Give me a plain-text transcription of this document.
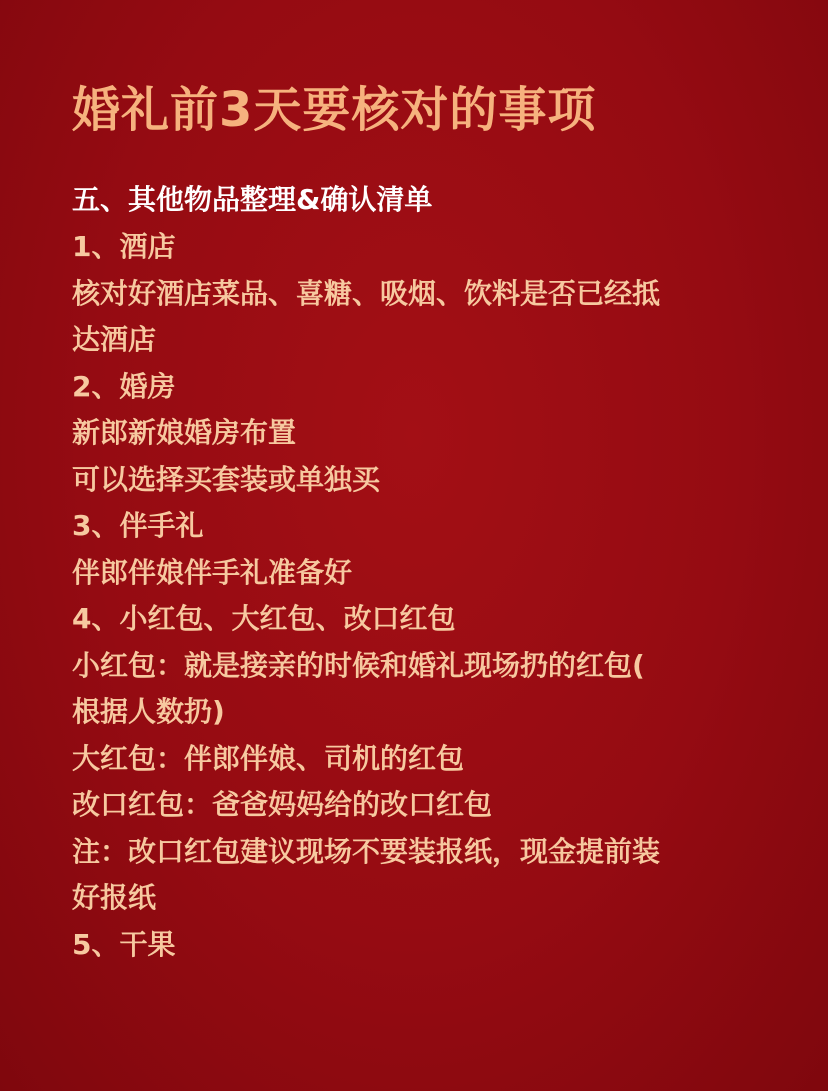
婚礼前3天要核对的事项

五、其他物品整理&确认清单

1、酒店

核对好酒店菜品、喜糖、吸烟、饮料是否已经抵

达酒店

2、婚房

新郎新娘婚房布置

可以选择买套装或单独买

3、伴手礼

伴郎伴娘伴手礼准备好

4、小红包、大红包、改口红包

小红包：就是接亲的时候和婚礼现场扔的红包(

根据人数扔)

大红包：伴郎伴娘、司机的红包

改口红包：爸爸妈妈给的改口红包

注：改口红包建议现场不要装报纸，现金提前装

好报纸

5、干果
